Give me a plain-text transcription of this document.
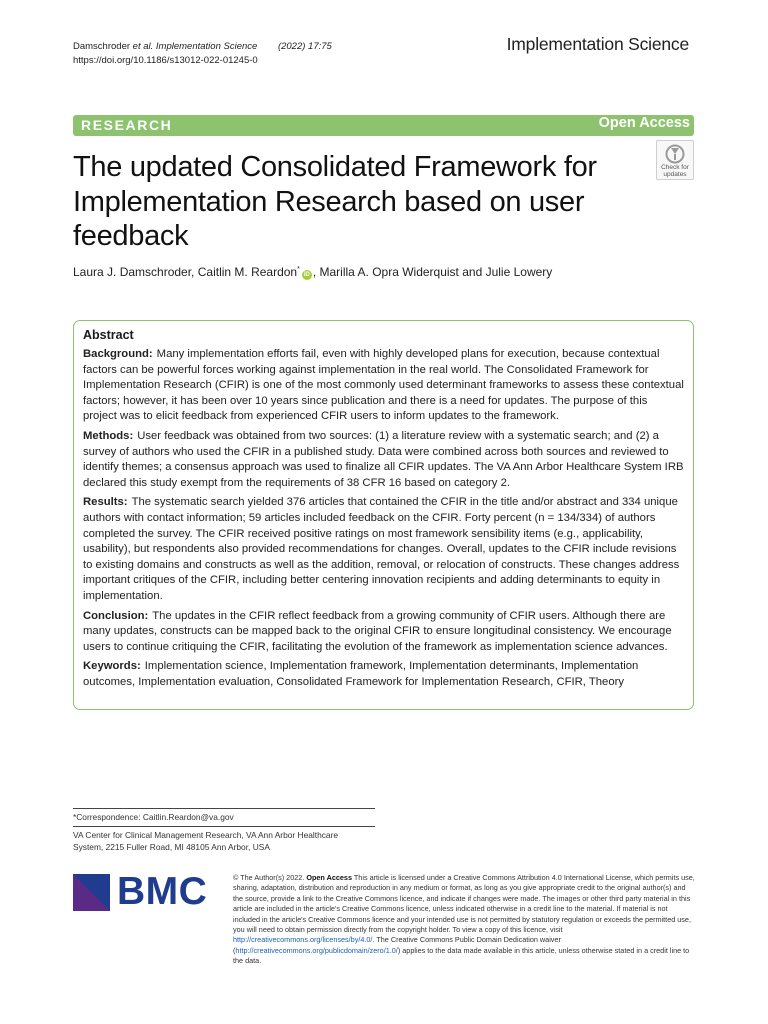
Damschroder et al. Implementation Science (2022) 17:75
https://doi.org/10.1186/s13012-022-01245-0
Implementation Science
RESEARCH	Open Access
The updated Consolidated Framework for Implementation Research based on user feedback
Check for
updates
Laura J. Damschroder, Caitlin M. Reardon*iD , Marilla A. Opra Widerquist and Julie Lowery
Abstract

Background: Many implementation efforts fail, even with highly developed plans for execution, because contextual factors can be powerful forces working against implementation in the real world. The Consolidated Framework for Implementation Research (CFIR) is one of the most commonly used determinant frameworks to assess these contextual factors; however, it has been over 10 years since publication and there is a need for updates. The purpose of this project was to elicit feedback from experienced CFIR users to inform updates to the framework.

Methods: User feedback was obtained from two sources: (1) a literature review with a systematic search; and (2) a survey of authors who used the CFIR in a published study. Data were combined across both sources and reviewed to identify themes; a consensus approach was used to finalize all CFIR updates. The VA Ann Arbor Healthcare System IRB declared this study exempt from the requirements of 38 CFR 16 based on category 2.

Results: The systematic search yielded 376 articles that contained the CFIR in the title and/or abstract and 334 unique authors with contact information; 59 articles included feedback on the CFIR. Forty percent (n = 134/334) of authors completed the survey. The CFIR received positive ratings on most framework sensibility items (e.g., applicability, usability), but respondents also provided recommendations for changes. Overall, updates to the CFIR include revisions to existing domains and constructs as well as the addition, removal, or relocation of constructs. These changes address important critiques of the CFIR, including better centering innovation recipients and adding determinants to equity in implementation.

Conclusion: The updates in the CFIR reflect feedback from a growing community of CFIR users. Although there are many updates, constructs can be mapped back to the original CFIR to ensure longitudinal consistency. We encourage users to continue critiquing the CFIR, facilitating the evolution of the framework as implementation science advances.

Keywords: Implementation science, Implementation framework, Implementation determinants, Implementation outcomes, Implementation evaluation, Consolidated Framework for Implementation Research, CFIR, Theory

*Correspondence: Caitlin.Reardon@va.gov
VA Center for Clinical Management Research, VA Ann Arbor Healthcare System, 2215 Fuller Road, MI 48105 Ann Arbor, USA
BMC	© The Author(s) 2022. Open Access This article is licensed under a Creative Commons Attribution 4.0 International License, which permits use, sharing, adaptation, distribution and reproduction in any medium or format, as long as you give appropriate credit to the original author(s) and the source, provide a link to the Creative Commons licence, and indicate if changes were made. The images or other third party material in this article are included in the article's Creative Commons licence, unless indicated otherwise in a credit line to the material. If material is not included in the article's Creative Commons licence and your intended use is not permitted by statutory regulation or exceeds the permitted use, you will need to obtain permission directly from the copyright holder. To view a copy of this licence, visit http://creativecommons.org/licenses/by/4.0/. The Creative Commons Public Domain Dedication waiver (http://creativecommons.org/publicdomain/zero/1.0/) applies to the data made available in this article, unless otherwise stated in a credit line to the data.
